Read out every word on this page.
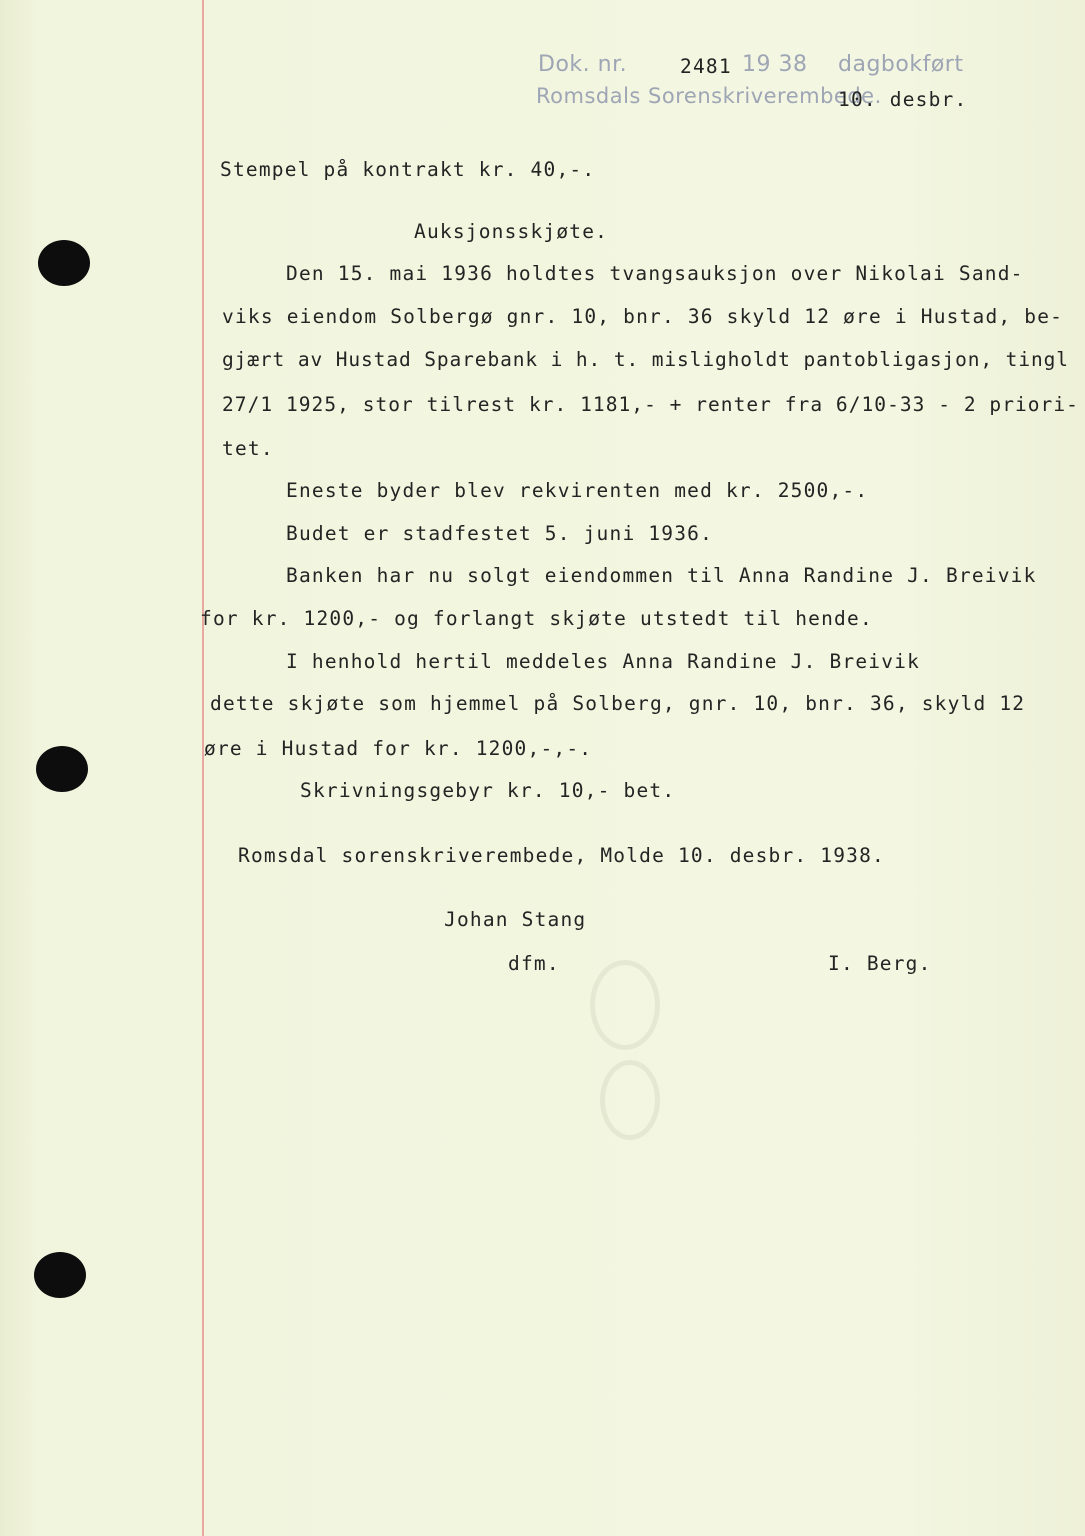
Dok. nr.	2481 19 38 dagbokført
Romsdals Sorenskriverembede.
10. desbr.
Stempel på kontrakt kr. 40,-.
Auksjonsskjøte.
Den 15. mai 1936 holdtes tvangsauksjon over Nikolai Sand-
viks eiendom Solbergø gnr. 10, bnr. 36 skyld 12 øre i Hustad, be-
gjært av Hustad Sparebank i h. t. misligholdt pantobligasjon, tingl
27/1 1925, stor tilrest kr. 1181,- + renter fra 6/10-33 - 2 priori-
tet.
Eneste byder blev rekvirenten med kr. 2500,-.
Budet er stadfestet 5. juni 1936.
Banken har nu solgt eiendommen til Anna Randine J. Breivik
for kr. 1200,- og forlangt skjøte utstedt til hende.
I henhold hertil meddeles Anna Randine J. Breivik
dette skjøte som hjemmel på Solberg, gnr. 10, bnr. 36, skyld 12
øre i Hustad for kr. 1200,-,-.
Skrivningsgebyr kr. 10,- bet.
Romsdal sorenskriverembede, Molde 10. desbr. 1938.
Johan Stang
dfm.	I. Berg.
